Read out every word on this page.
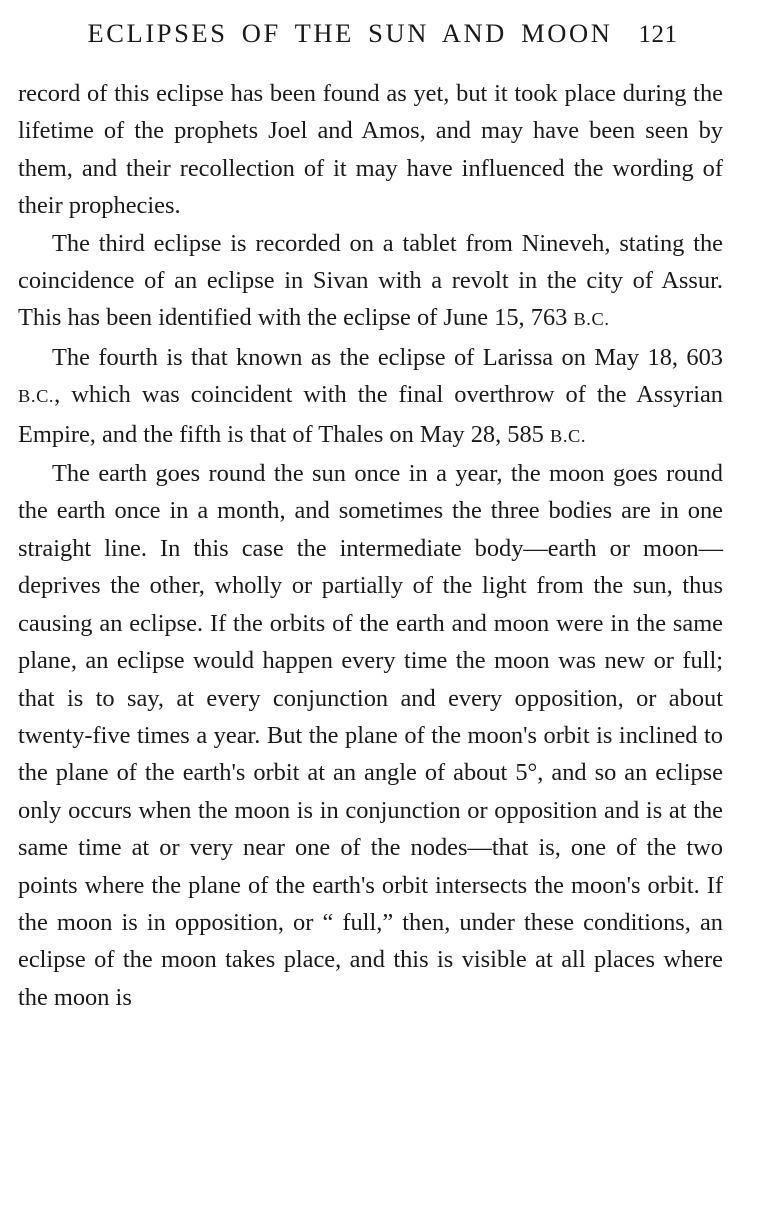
ECLIPSES OF THE SUN AND MOON 121

record of this eclipse has been found as yet, but it took place during the lifetime of the prophets Joel and Amos, and may have been seen by them, and their recollection of it may have influenced the wording of their prophecies.

The third eclipse is recorded on a tablet from Nineveh, stating the coincidence of an eclipse in Sivan with a revolt in the city of Assur. This has been identified with the eclipse of June 15, 763 B.C.

The fourth is that known as the eclipse of Larissa on May 18, 603 B.C., which was coincident with the final overthrow of the Assyrian Empire, and the fifth is that of Thales on May 28, 585 B.C.

The earth goes round the sun once in a year, the moon goes round the earth once in a month, and sometimes the three bodies are in one straight line. In this case the intermediate body—earth or moon—deprives the other, wholly or partially of the light from the sun, thus causing an eclipse. If the orbits of the earth and moon were in the same plane, an eclipse would happen every time the moon was new or full; that is to say, at every conjunction and every opposition, or about twenty-five times a year. But the plane of the moon's orbit is inclined to the plane of the earth's orbit at an angle of about 5°, and so an eclipse only occurs when the moon is in conjunction or opposition and is at the same time at or very near one of the nodes—that is, one of the two points where the plane of the earth's orbit intersects the moon's orbit. If the moon is in opposition, or “ full,” then, under these conditions, an eclipse of the moon takes place, and this is visible at all places where the moon is
